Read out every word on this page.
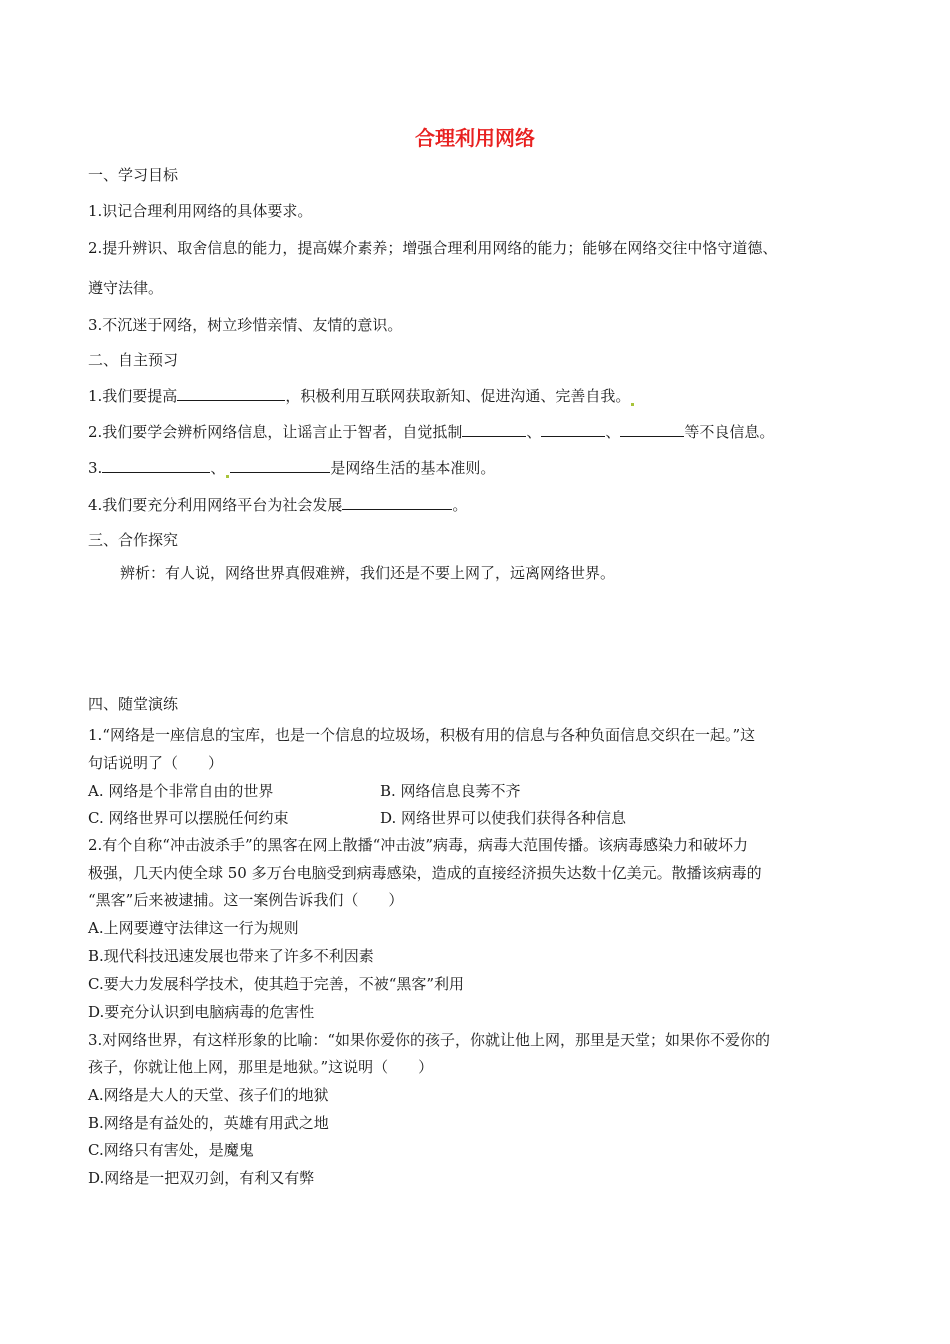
合理利用网络
一、学习目标
1.识记合理利用网络的具体要求。
2.提升辨识、取舍信息的能力，提高媒介素养；增强合理利用网络的能力；能够在网络交往中恪守道德、
遵守法律。
3.不沉迷于网络，树立珍惜亲情、友情的意识。
二、自主预习
1.我们要提高	，积极利用互联网获取新知、促进沟通、完善自我。
2.我们要学会辨析网络信息，让谣言止于智者，自觉抵制	、	、	等不良信息。
3.	、	是网络生活的基本准则。
4.我们要充分利用网络平台为社会发展	。
三、合作探究
辨析：有人说，网络世界真假难辨，我们还是不要上网了，远离网络世界。
四、随堂演练
1.“网络是一座信息的宝库，也是一个信息的垃圾场，积极有用的信息与各种负面信息交织在一起。”这
句话说明了（　　）
A. 网络是个非常自由的世界	B. 网络信息良莠不齐
C. 网络世界可以摆脱任何约束	D. 网络世界可以使我们获得各种信息
2.有个自称“冲击波杀手”的黑客在网上散播“冲击波”病毒，病毒大范围传播。该病毒感染力和破坏力
极强，几天内使全球 50 多万台电脑受到病毒感染，造成的直接经济损失达数十亿美元。散播该病毒的
“黑客”后来被逮捕。这一案例告诉我们（　　）
A.上网要遵守法律这一行为规则
B.现代科技迅速发展也带来了许多不利因素
C.要大力发展科学技术，使其趋于完善，不被“黑客”利用
D.要充分认识到电脑病毒的危害性
3.对网络世界，有这样形象的比喻：“如果你爱你的孩子，你就让他上网，那里是天堂；如果你不爱你的
孩子，你就让他上网，那里是地狱。”这说明（　　）
A.网络是大人的天堂、孩子们的地狱
B.网络是有益处的，英雄有用武之地
C.网络只有害处，是魔鬼
D.网络是一把双刃剑，有利又有弊
